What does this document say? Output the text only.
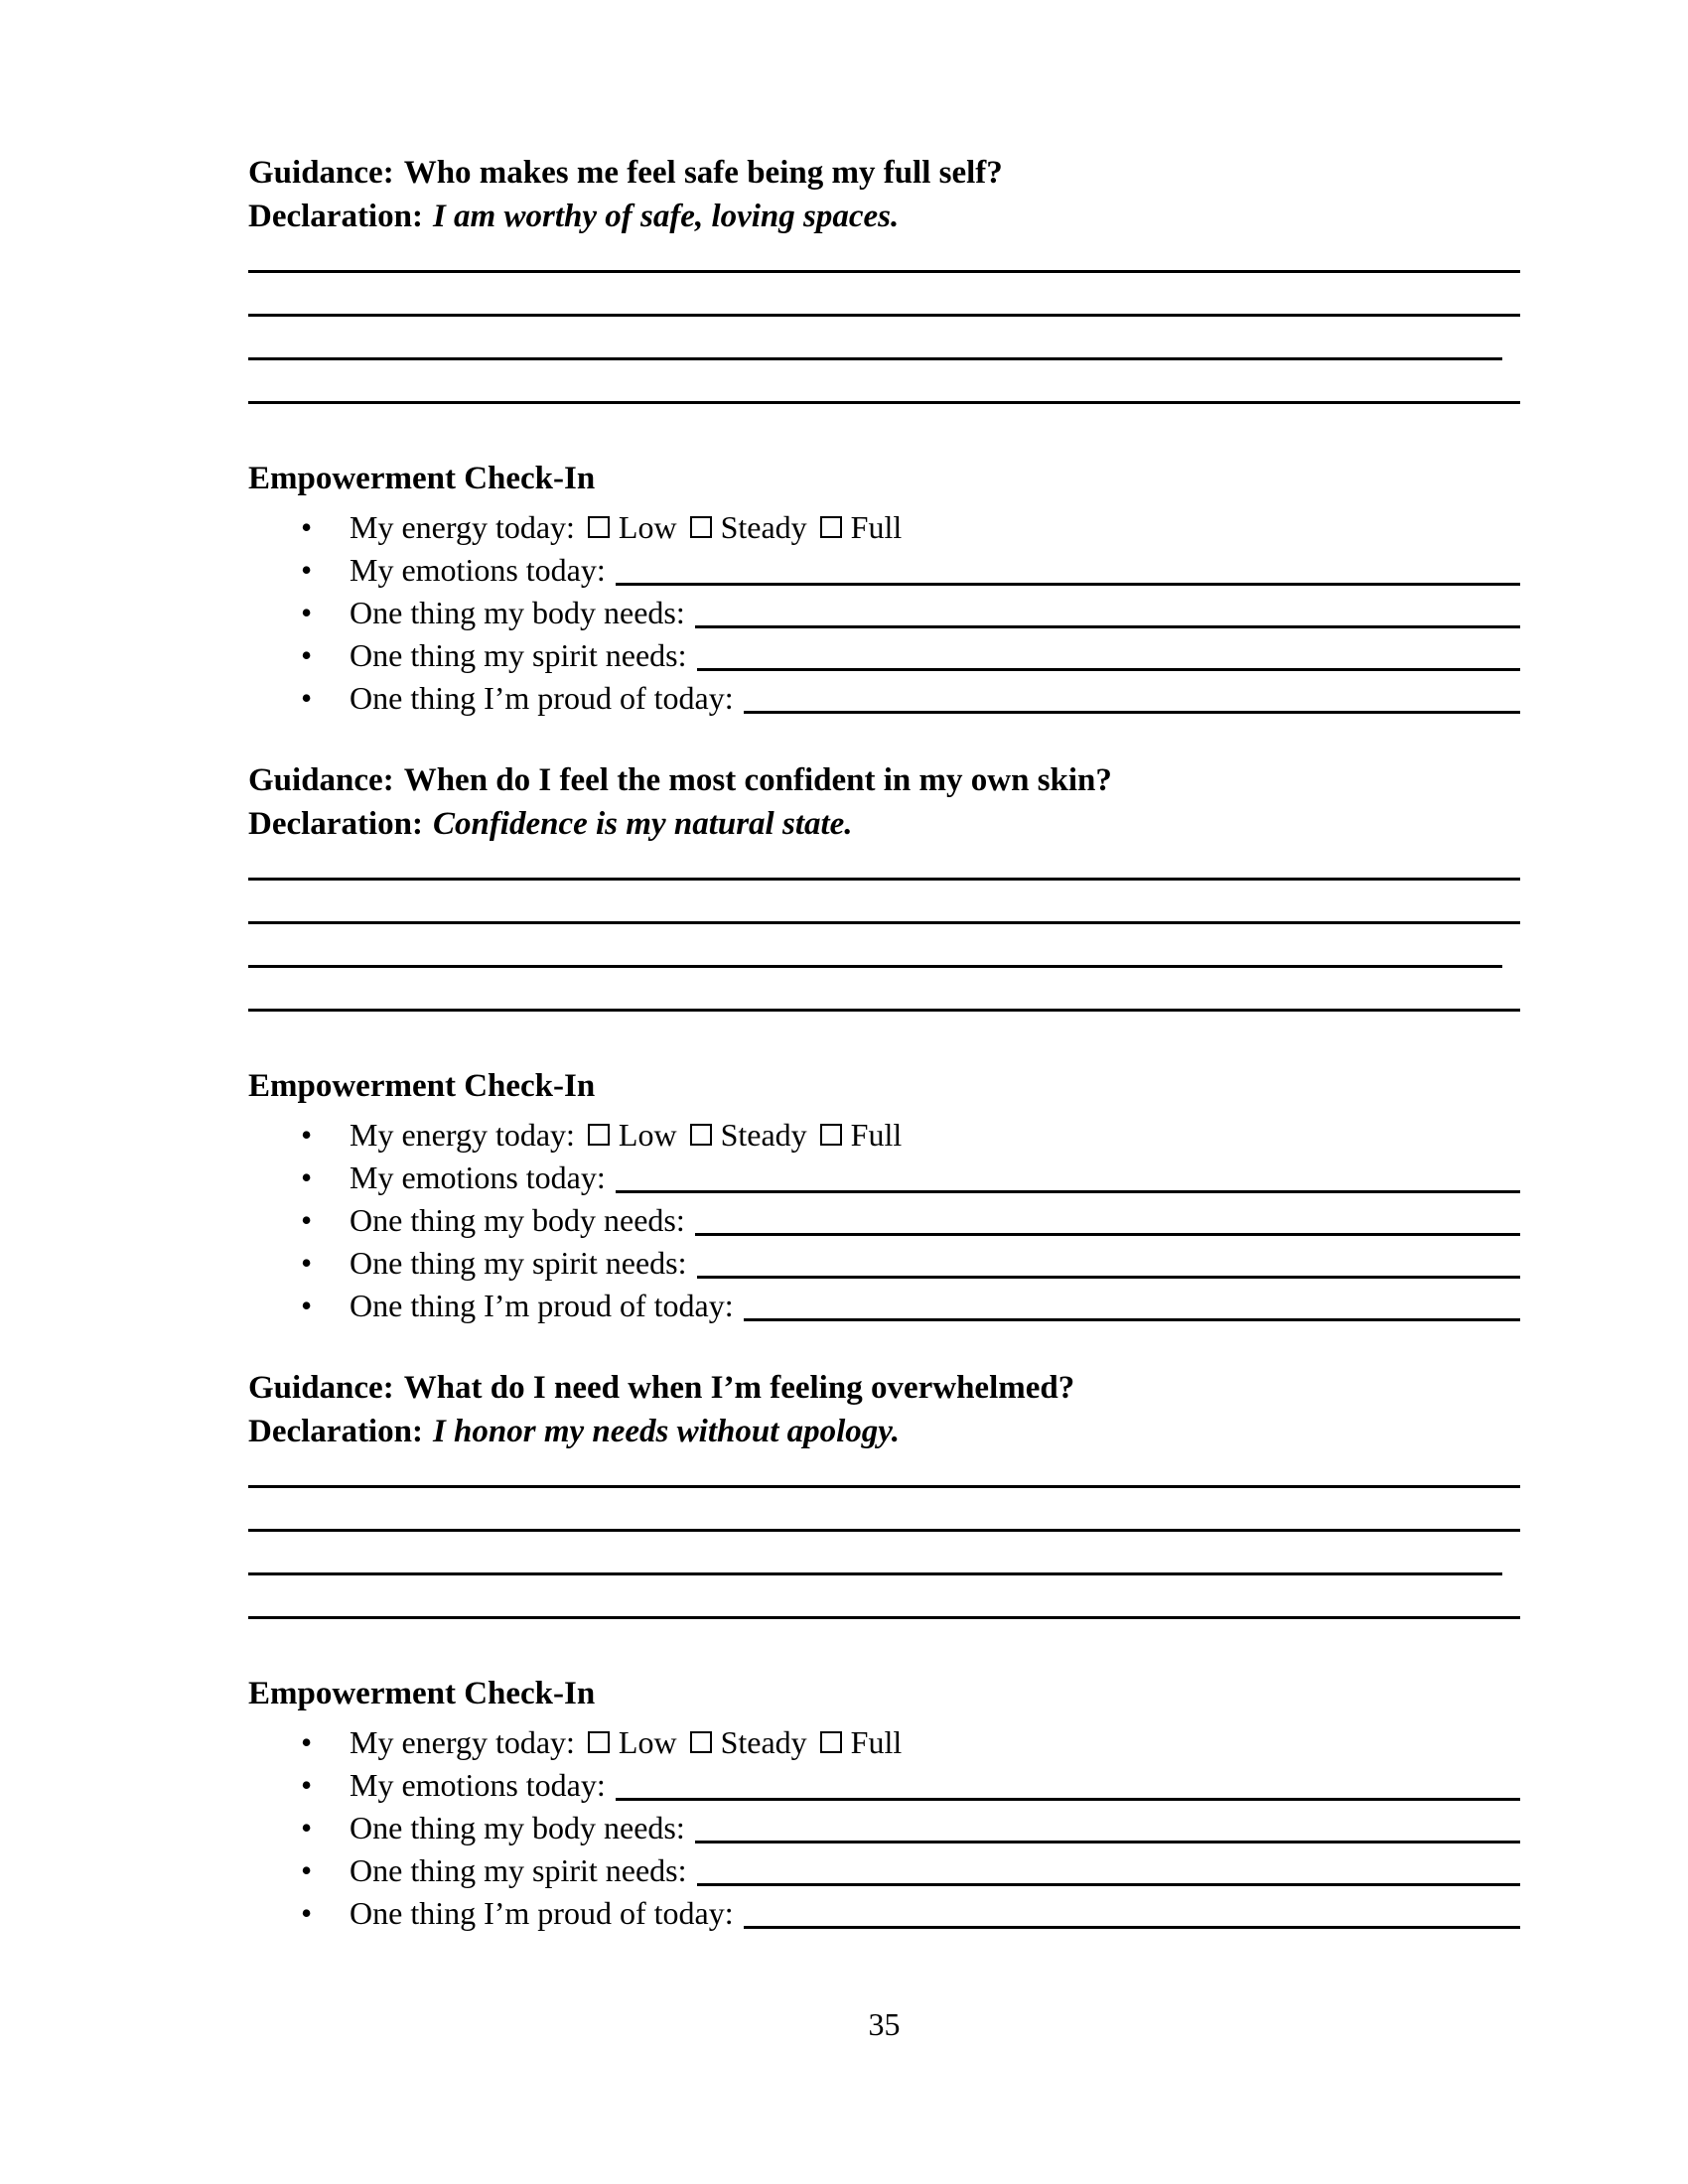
Guidance: Who makes me feel safe being my full self?

Declaration: I am worthy of safe, loving spaces.

Empowerment Check-In
•	My energy today: Low Steady Full
•	My emotions today:
•	One thing my body needs:
•	One thing my spirit needs:
•	One thing I’m proud of today:

Guidance: When do I feel the most confident in my own skin?

Declaration: Confidence is my natural state.

Empowerment Check-In
•	My energy today: Low Steady Full
•	My emotions today:
•	One thing my body needs:
•	One thing my spirit needs:
•	One thing I’m proud of today:

Guidance: What do I need when I’m feeling overwhelmed?

Declaration: I honor my needs without apology.

Empowerment Check-In
•	My energy today: Low Steady Full
•	My emotions today:
•	One thing my body needs:
•	One thing my spirit needs:
•	One thing I’m proud of today:
35
